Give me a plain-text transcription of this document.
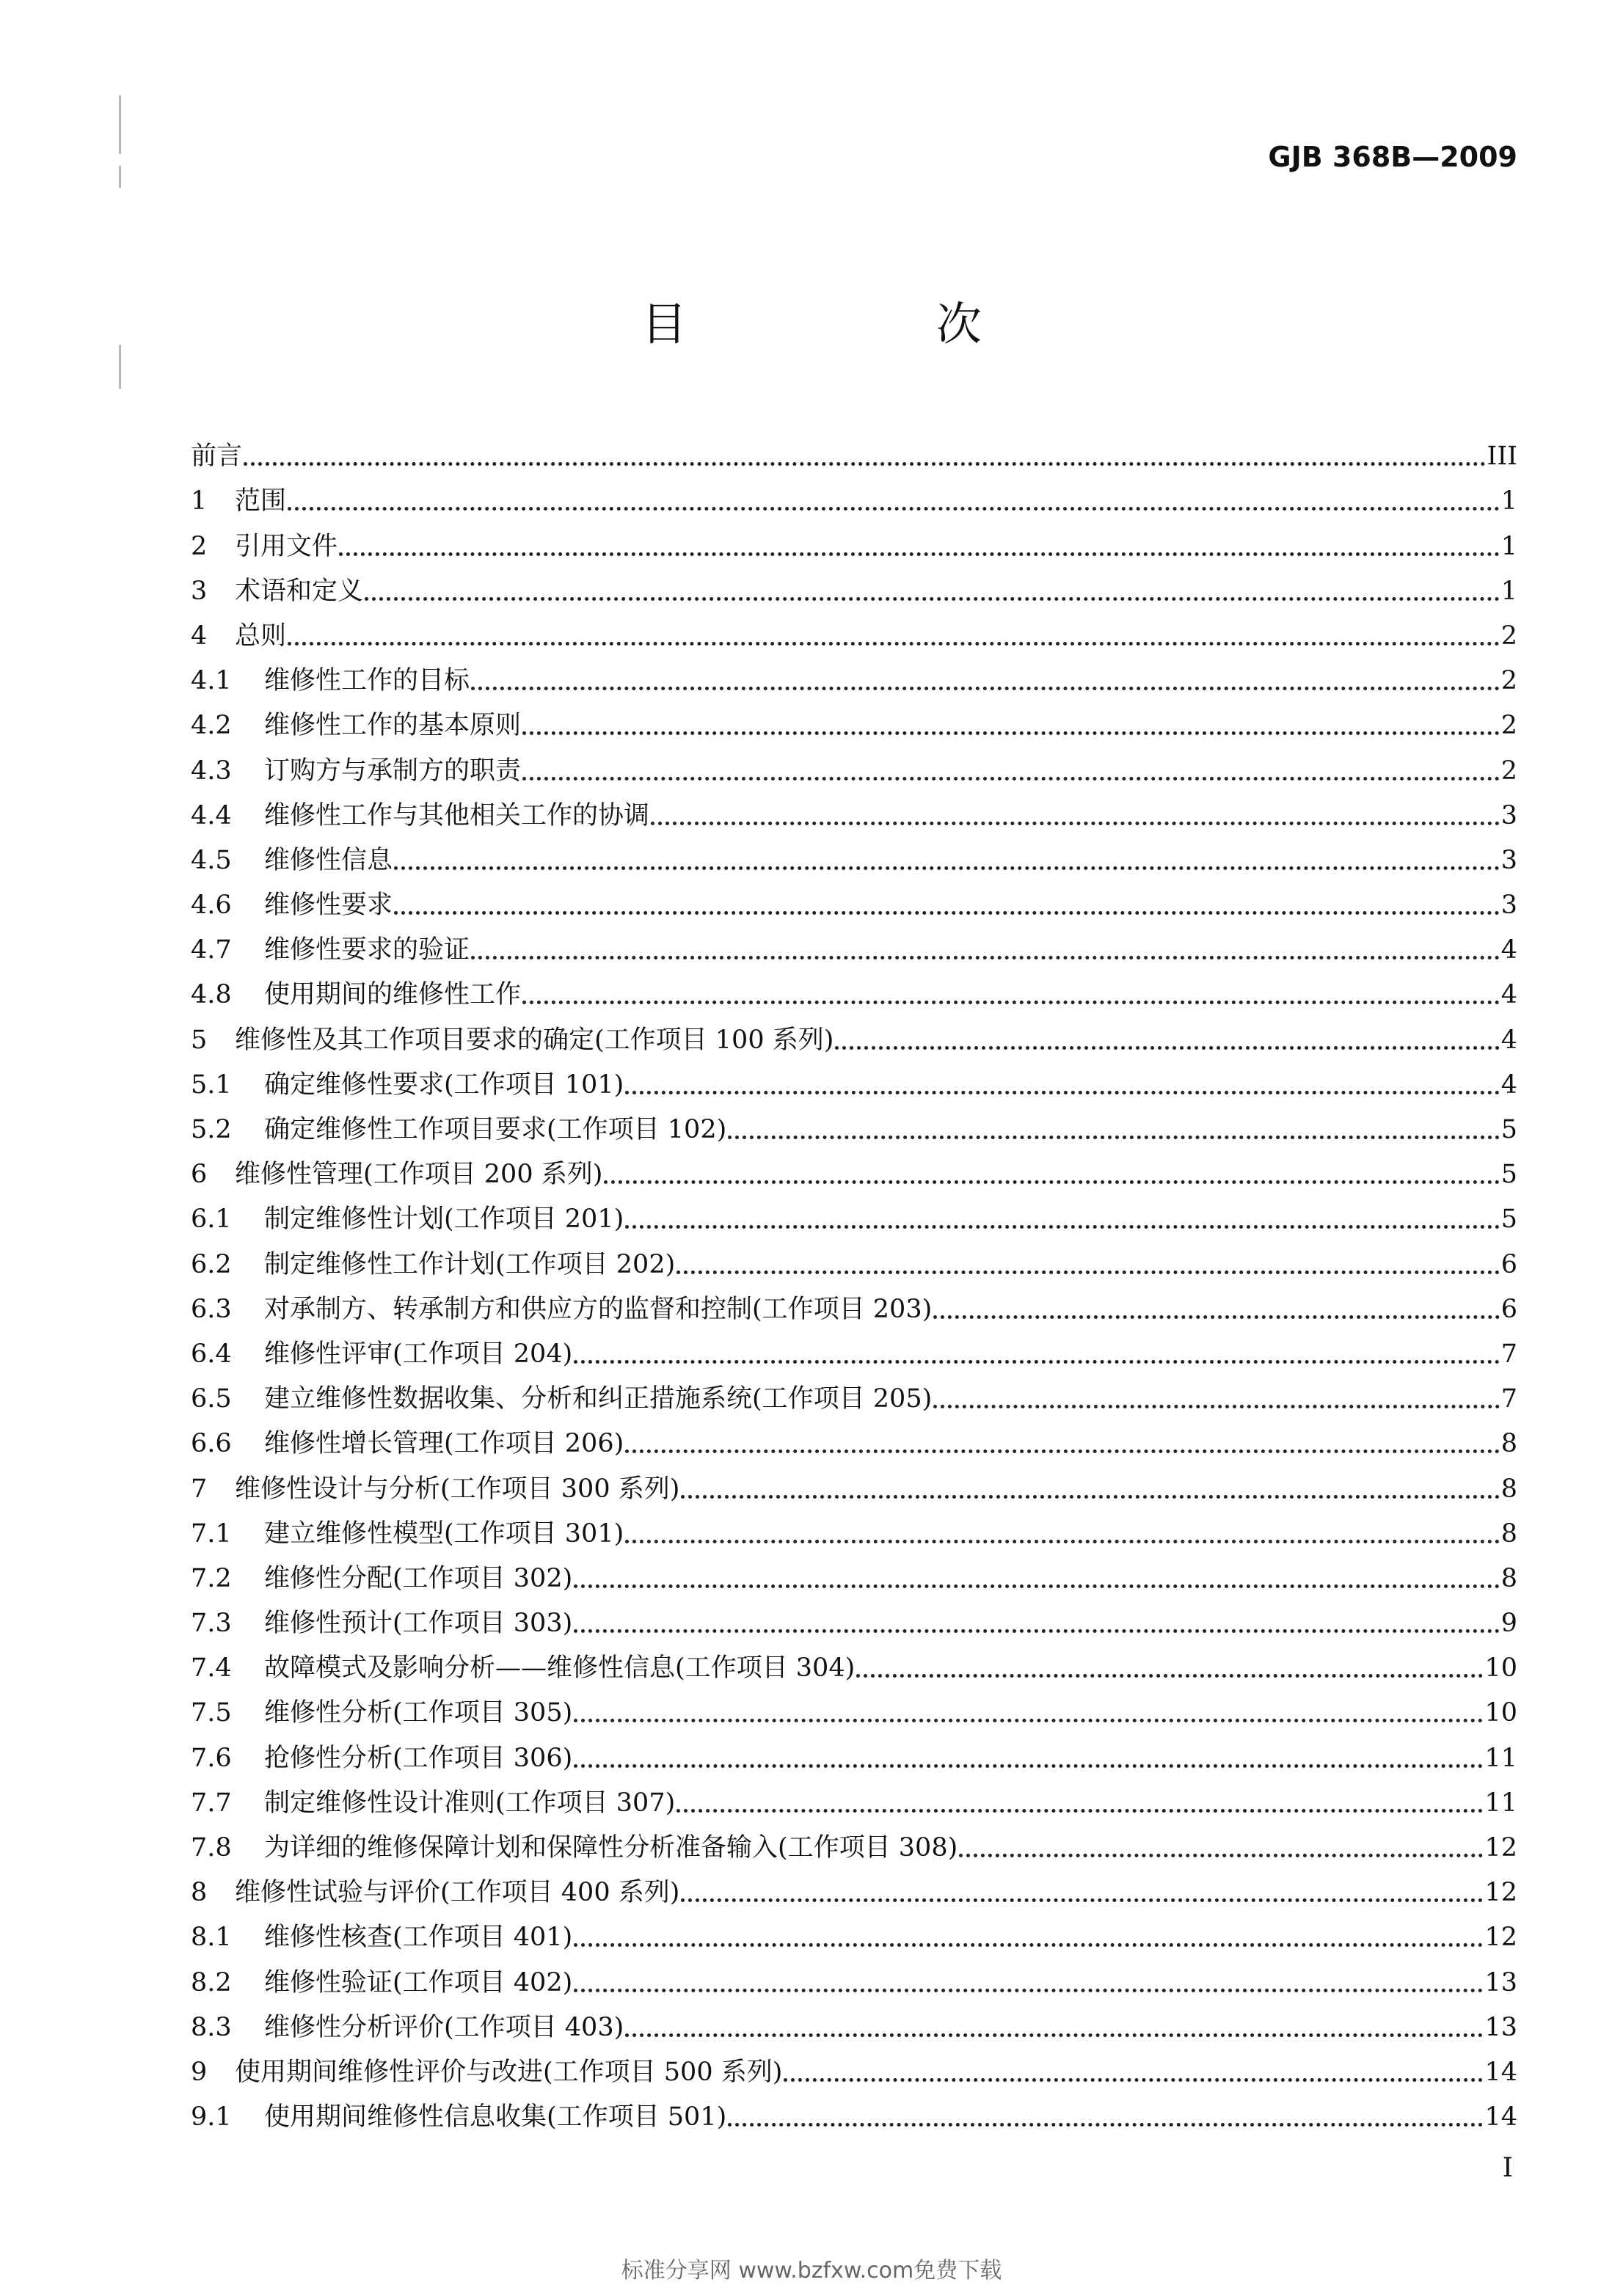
GJB 368B—2009
目 次
前言	III
1	范围	1
2	引用文件	1
3	术语和定义	1
4	总则	2
4.1	维修性工作的目标	2
4.2	维修性工作的基本原则	2
4.3	订购方与承制方的职责	2
4.4	维修性工作与其他相关工作的协调	3
4.5	维修性信息	3
4.6	维修性要求	3
4.7	维修性要求的验证	4
4.8	使用期间的维修性工作	4
5	维修性及其工作项目要求的确定(工作项目 100 系列)	4
5.1	确定维修性要求(工作项目 101)	4
5.2	确定维修性工作项目要求(工作项目 102)	5
6	维修性管理(工作项目 200 系列)	5
6.1	制定维修性计划(工作项目 201)	5
6.2	制定维修性工作计划(工作项目 202)	6
6.3	对承制方、转承制方和供应方的监督和控制(工作项目 203)	6
6.4	维修性评审(工作项目 204)	7
6.5	建立维修性数据收集、分析和纠正措施系统(工作项目 205)	7
6.6	维修性增长管理(工作项目 206)	8
7	维修性设计与分析(工作项目 300 系列)	8
7.1	建立维修性模型(工作项目 301)	8
7.2	维修性分配(工作项目 302)	8
7.3	维修性预计(工作项目 303)	9
7.4	故障模式及影响分析——维修性信息(工作项目 304)	10
7.5	维修性分析(工作项目 305)	10
7.6	抢修性分析(工作项目 306)	11
7.7	制定维修性设计准则(工作项目 307)	11
7.8	为详细的维修保障计划和保障性分析准备输入(工作项目 308)	12
8	维修性试验与评价(工作项目 400 系列)	12
8.1	维修性核查(工作项目 401)	12
8.2	维修性验证(工作项目 402)	13
8.3	维修性分析评价(工作项目 403)	13
9	使用期间维修性评价与改进(工作项目 500 系列)	14
9.1	使用期间维修性信息收集(工作项目 501)	14
I
标准分享网 www.bzfxw.com免费下载
